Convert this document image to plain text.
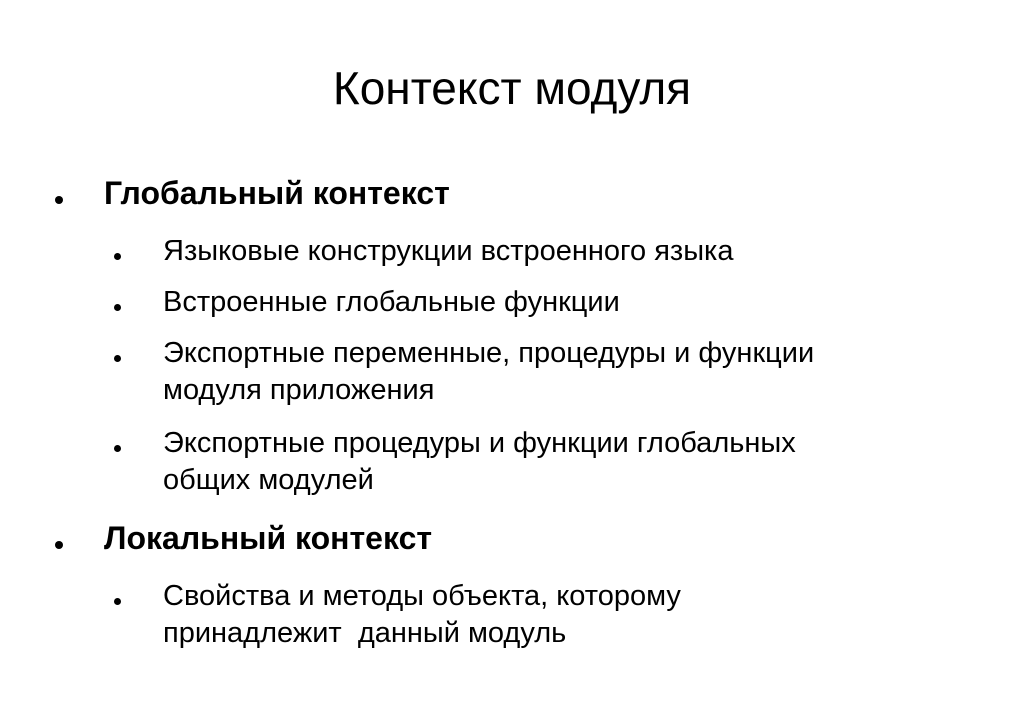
Контекст модуля
Глобальный контекст
Языковые конструкции встроенного языка
Встроенные глобальные функции
Экспортные переменные, процедуры и функции
модуля приложения
Экспортные процедуры и функции глобальных
общих модулей
Локальный контекст
Свойства и методы объекта, которому
принадлежит  данный модуль
